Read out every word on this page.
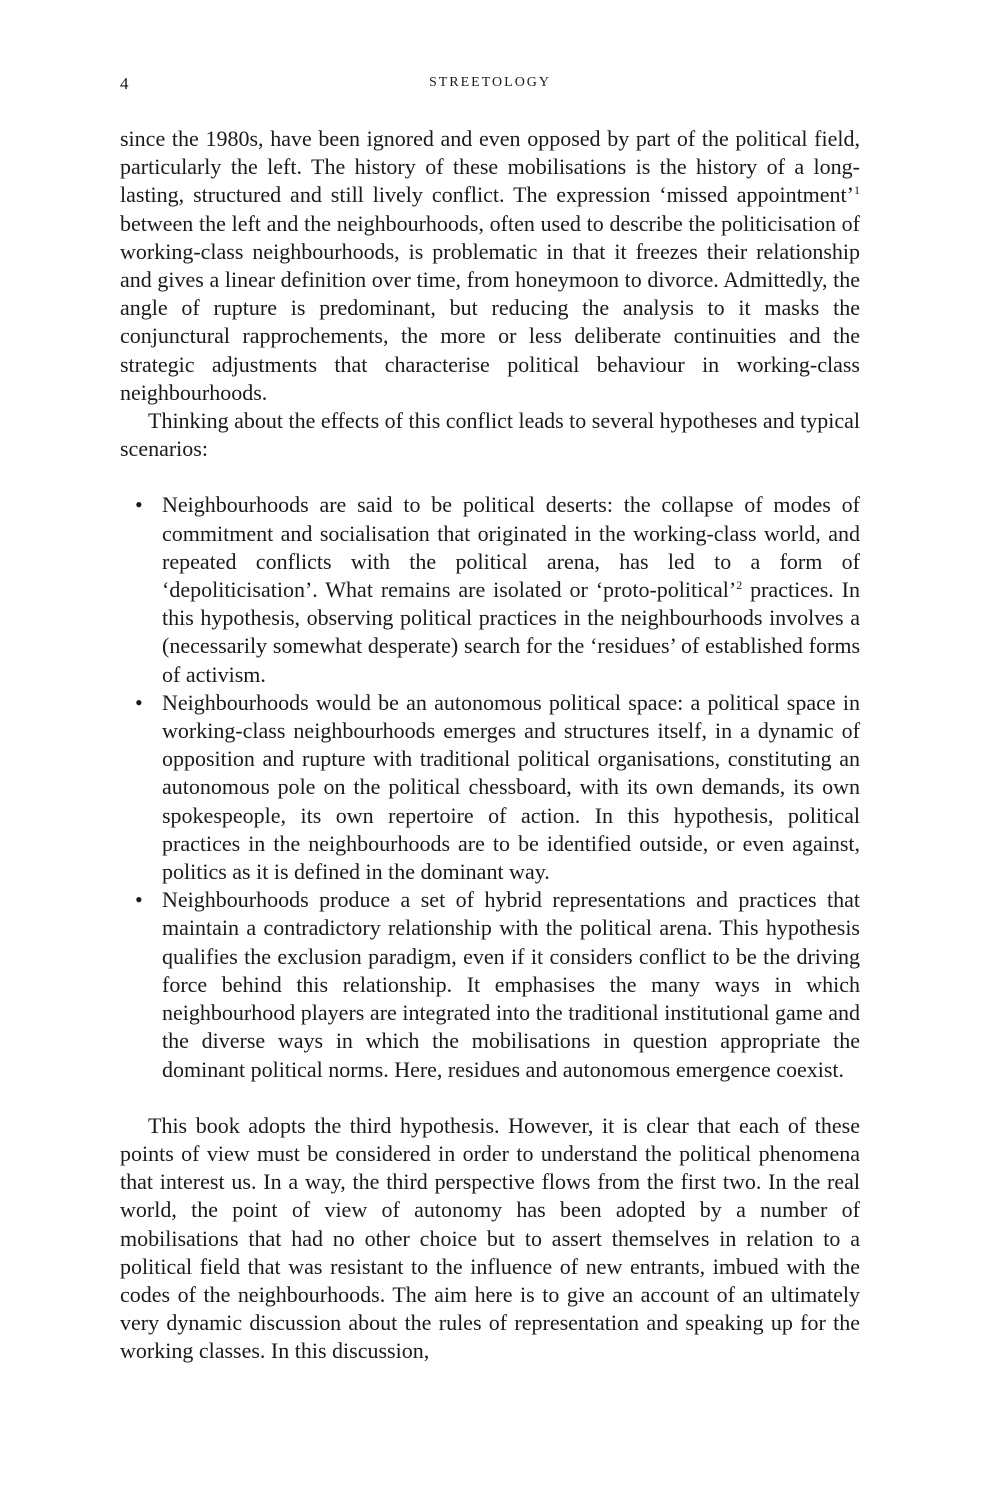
4	STREETOLOGY

since the 1980s, have been ignored and even opposed by part of the political field, particularly the left. The history of these mobilisations is the history of a long-lasting, structured and still lively conflict. The expression ‘missed appointment’$^1$ between the left and the neighbourhoods, often used to describe the politicisation of working-class neighbourhoods, is problematic in that it freezes their relationship and gives a linear definition over time, from honeymoon to divorce. Admittedly, the angle of rupture is predominant, but reducing the analysis to it masks the conjunctural rapprochements, the more or less deliberate continuities and the strategic adjustments that characterise political behaviour in working-class neighbourhoods.

Thinking about the effects of this conflict leads to several hypotheses and typical scenarios:

• Neighbourhoods are said to be political deserts: the collapse of modes of commitment and socialisation that originated in the working-class world, and repeated conflicts with the political arena, has led to a form of ‘depoliticisation’. What remains are isolated or ‘proto-political’$^2$ practices. In this hypothesis, observing political practices in the neighbourhoods involves a (necessarily somewhat desperate) search for the ‘residues’ of established forms of activism.
• Neighbourhoods would be an autonomous political space: a political space in working-class neighbourhoods emerges and structures itself, in a dynamic of opposition and rupture with traditional political organisations, constituting an autonomous pole on the political chessboard, with its own demands, its own spokespeople, its own repertoire of action. In this hypothesis, political practices in the neighbourhoods are to be identified outside, or even against, politics as it is defined in the dominant way.
• Neighbourhoods produce a set of hybrid representations and practices that maintain a contradictory relationship with the political arena. This hypothesis qualifies the exclusion paradigm, even if it considers conflict to be the driving force behind this relationship. It emphasises the many ways in which neighbourhood players are integrated into the traditional institutional game and the diverse ways in which the mobilisations in question appropriate the dominant political norms. Here, residues and autonomous emergence coexist.

This book adopts the third hypothesis. However, it is clear that each of these points of view must be considered in order to understand the political phenomena that interest us. In a way, the third perspective flows from the first two. In the real world, the point of view of autonomy has been adopted by a number of mobilisations that had no other choice but to assert themselves in relation to a political field that was resistant to the influence of new entrants, imbued with the codes of the neighbourhoods. The aim here is to give an account of an ultimately very dynamic discussion about the rules of representation and speaking up for the working classes. In this discussion,
